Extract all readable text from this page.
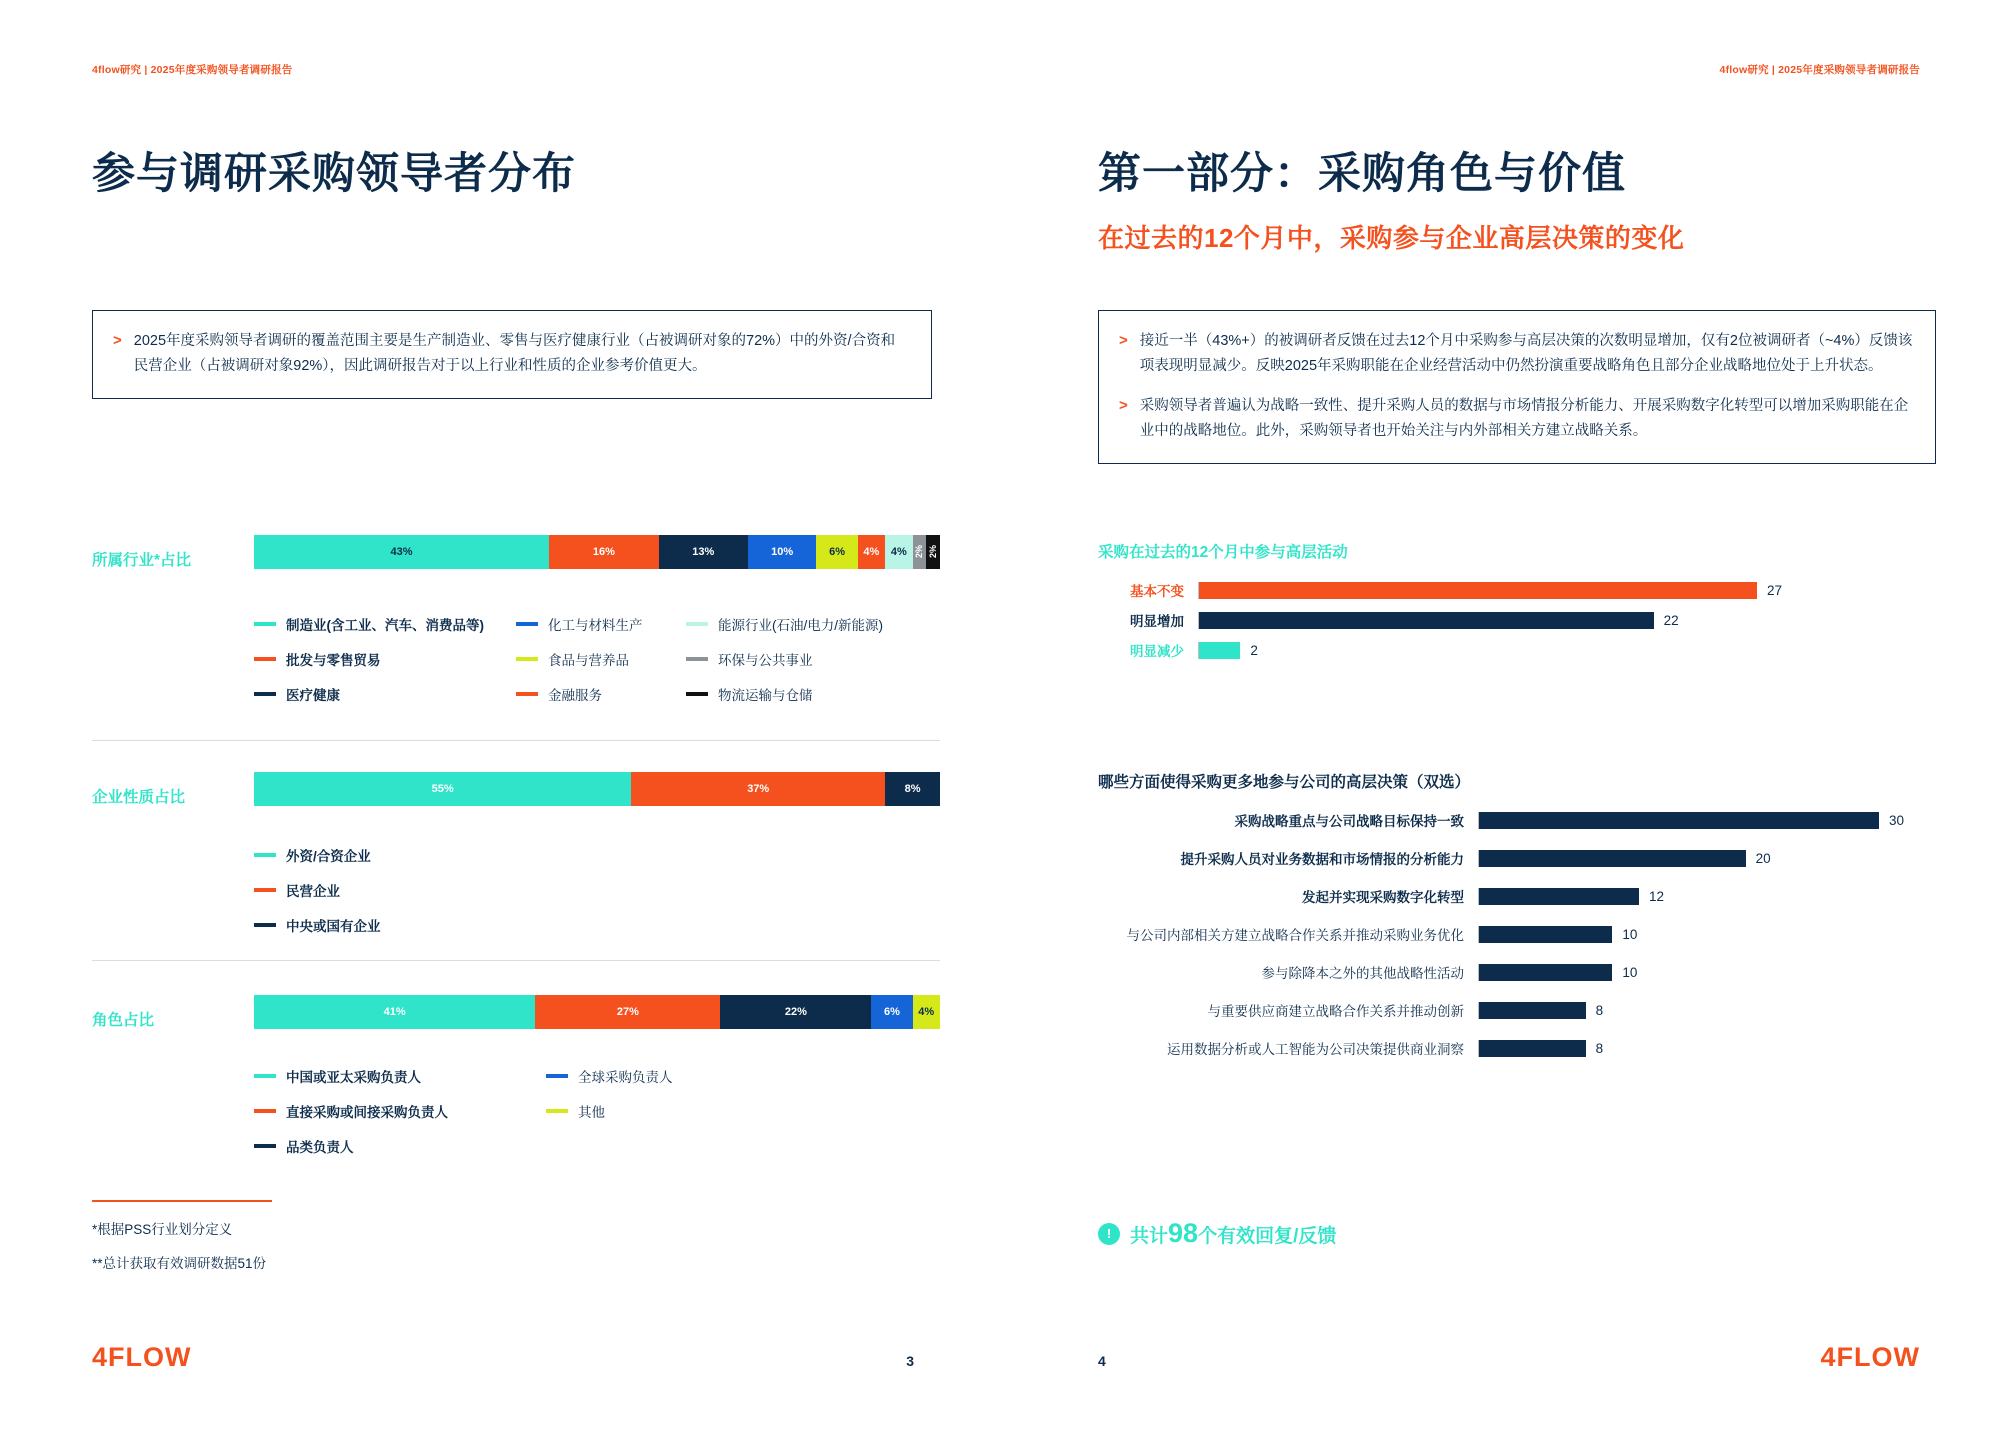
4flow研究 | 2025年度采购领导者调研报告
参与调研采购领导者分布
> 2025年度采购领导者调研的覆盖范围主要是生产制造业、零售与医疗健康行业（占被调研对象的72%）中的外资/合资和民营企业（占被调研对象92%），因此调研报告对于以上行业和性质的企业参考价值更大。
所属行业*占比	43%	16%	13%	10%	6% 4% 4% 2% 2%
制造业(含工业、汽车、消费品等)
批发与零售贸易
医疗健康
化工与材料生产
食品与营养品
金融服务
能源行业(石油/电力/新能源)
环保与公共事业
物流运输与仓储
企业性质占比	55%	37%	8%
外资/合资企业
民营企业
中央或国有企业
角色占比	41%	27%	22%	6% 4%
中国或亚太采购负责人
直接采购或间接采购负责人
品类负责人
全球采购负责人
其他
*根据PSS行业划分定义
**总计获取有效调研数据51份
4FLOW	3
4flow研究 | 2025年度采购领导者调研报告
第一部分：采购角色与价值
在过去的12个月中，采购参与企业高层决策的变化
> 接近一半（43%+）的被调研者反馈在过去12个月中采购参与高层决策的次数明显增加，仅有2位被调研者（~4%）反馈该项表现明显减少。反映2025年采购职能在企业经营活动中仍然扮演重要战略角色且部分企业战略地位处于上升状态。
> 采购领导者普遍认为战略一致性、提升采购人员的数据与市场情报分析能力、开展采购数字化转型可以增加采购职能在企业中的战略地位。此外，采购领导者也开始关注与内外部相关方建立战略关系。
采购在过去的12个月中参与高层活动
基本不变	27
明显增加	22
明显减少	2
哪些方面使得采购更多地参与公司的高层决策（双选）
采购战略重点与公司战略目标保持一致	30
提升采购人员对业务数据和市场情报的分析能力	20
发起并实现采购数字化转型	12
与公司内部相关方建立战略合作关系并推动采购业务优化	10
参与除降本之外的其他战略性活动	10
与重要供应商建立战略合作关系并推动创新	8
运用数据分析或人工智能为公司决策提供商业洞察	8
! 共计98个有效回复/反馈
4FLOW
4
